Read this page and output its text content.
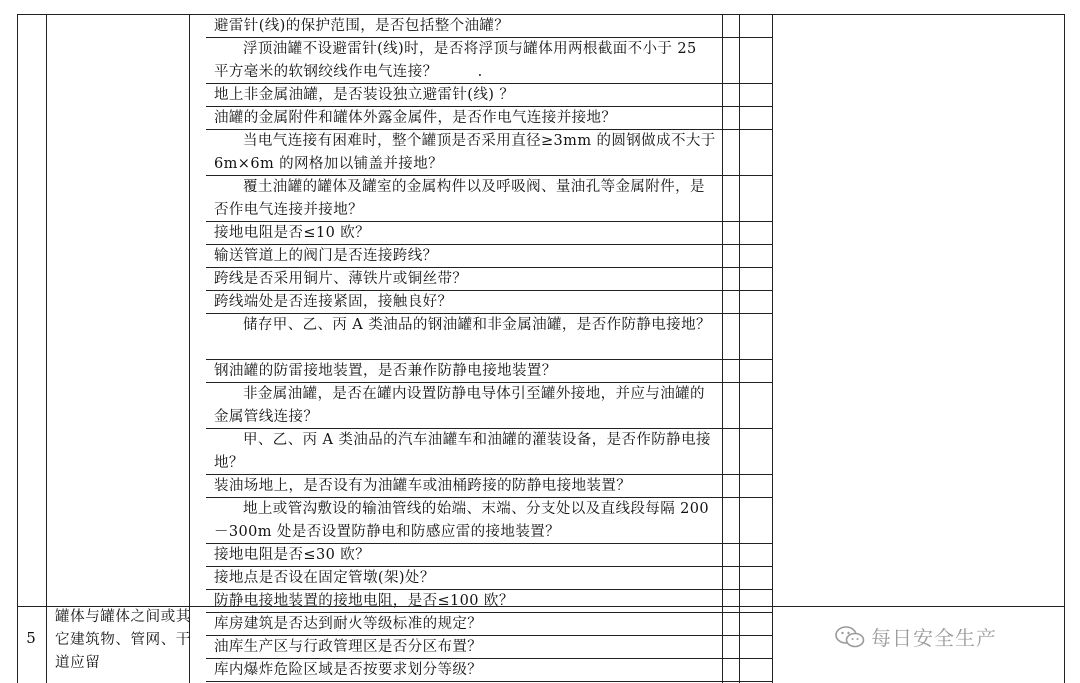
避雷针(线)的保护范围，是否包括整个油罐？
浮顶油罐不设避雷针(线)时，是否将浮顶与罐体用两根截面不小于 25 平方毫米的软钢绞线作电气连接？        .
地上非金属油罐，是否装设独立避雷针(线) ？
油罐的金属附件和罐体外露金属件，是否作电气连接并接地？
当电气连接有困难时，整个罐顶是否采用直径≥3mm 的圆钢做成不大于 6m×6m 的网格加以铺盖并接地？
覆土油罐的罐体及罐室的金属构件以及呼吸阀、量油孔等金属附件，是否作电气连接并接地？
接地电阻是否≤10 欧？
输送管道上的阀门是否连接跨线？
跨线是否采用铜片、薄铁片或铜丝带？
跨线端处是否连接紧固，接触良好？
储存甲、乙、丙 A 类油品的钢油罐和非金属油罐，是否作防静电接地？
钢油罐的防雷接地装置，是否兼作防静电接地装置？
非金属油罐，是否在罐内设置防静电导体引至罐外接地，并应与油罐的金属管线连接？
甲、乙、丙 A 类油品的汽车油罐车和油罐的灌装设备，是否作防静电接地？
装油场地上，是否设有为油罐车或油桶跨接的防静电接地装置？
地上或管沟敷设的输油管线的始端、末端、分支处以及直线段每隔 200－300m 处是否设置防静电和防感应雷的接地装置？
接地电阻是否≤30 欧？
接地点是否设在固定管墩(架)处？
防静电接地装置的接地电阻，是否≤100 欧？
库房建筑是否达到耐火等级标准的规定？
油库生产区与行政管理区是否分区布置？
库内爆炸危险区域是否按要求划分等级？
5
罐体与罐体之间或其它建筑物、管网、干道应留
每日安全生产
